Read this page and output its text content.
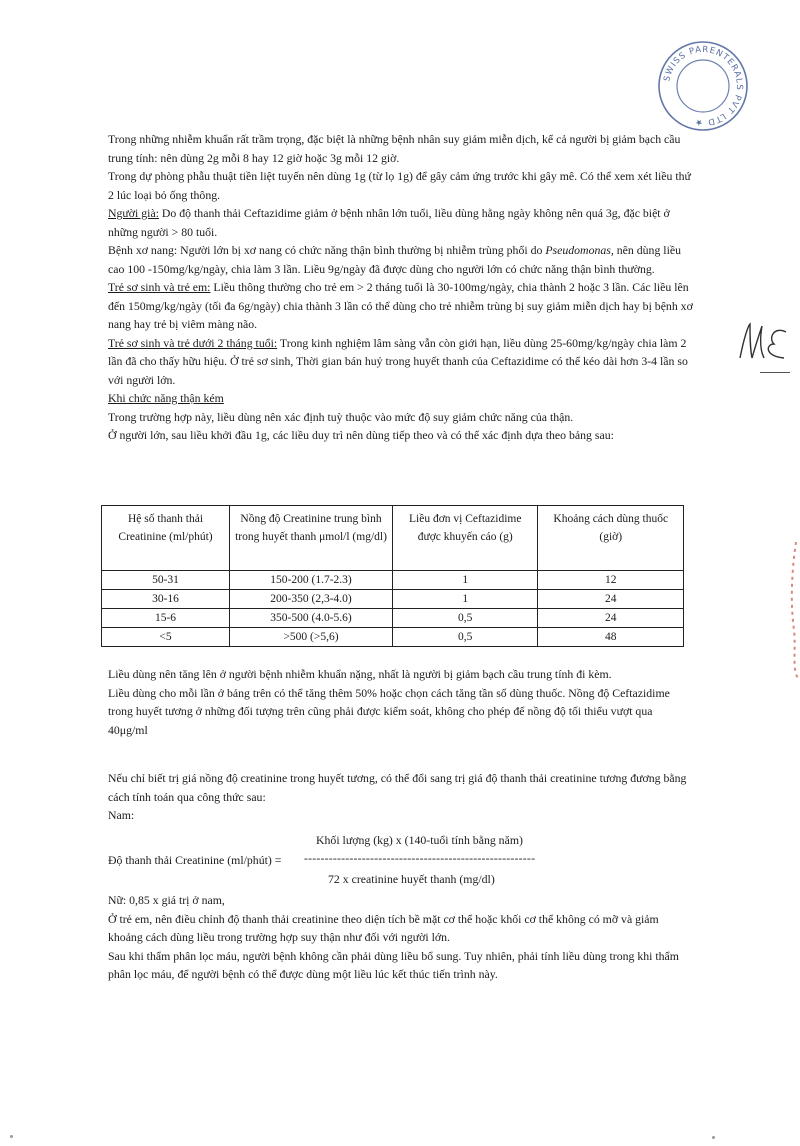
SWISS PARENTERALS PVT LTD ★

Trong những nhiễm khuẩn rất trầm trọng, đặc biệt là những bệnh nhân suy giảm miễn dịch, kể cả người bị giảm bạch cầu trung tính: nên dùng 2g mỗi 8 hay 12 giờ hoặc 3g mỗi 12 giờ.

Trong dự phòng phẫu thuật tiền liệt tuyến nên dùng 1g (từ lọ 1g) để gây cảm ứng trước khi gây mê. Có thể xem xét liều thứ 2 lúc loại bỏ ống thông.

Người già: Do độ thanh thải Ceftazidime giảm ở bệnh nhân lớn tuổi, liều dùng hằng ngày không nên quá 3g, đặc biệt ở những người > 80 tuổi.

Bệnh xơ nang: Người lớn bị xơ nang có chức năng thận bình thường bị nhiễm trùng phổi do Pseudomonas, nên dùng liều cao 100 -150mg/kg/ngày, chia làm 3 lần. Liều 9g/ngày đã được dùng cho người lớn có chức năng thận bình thường.

Trẻ sơ sinh và trẻ em: Liều thông thường cho trẻ em > 2 tháng tuổi là 30-100mg/ngày, chia thành 2 hoặc 3 lần. Các liều lên đến 150mg/kg/ngày (tối đa 6g/ngày) chia thành 3 lần có thể dùng cho trẻ nhiễm trùng bị suy giảm miễn dịch hay bị bệnh xơ nang hay trẻ bị viêm màng não.

Trẻ sơ sinh và trẻ dưới 2 tháng tuổi: Trong kinh nghiệm lâm sàng vẫn còn giới hạn, liều dùng 25-60mg/kg/ngày chia làm 2 lần đã cho thấy hữu hiệu. Ở trẻ sơ sinh, Thời gian bán huỷ trong huyết thanh của Ceftazidime có thể kéo dài hơn 3-4 lần so với người lớn.

Khi chức năng thận kém

Trong trường hợp này, liều dùng nên xác định tuỳ thuộc vào mức độ suy giảm chức năng của thận.

Ở người lớn, sau liều khởi đầu 1g, các liều duy trì nên dùng tiếp theo và có thể xác định dựa theo bảng sau:

Hệ số thanh thải Creatinine (ml/phút)	Nồng độ Creatinine trung bình trong huyết thanh μmol/l (mg/dl)	Liều đơn vị Ceftazidime được khuyến cáo (g)	Khoảng cách dùng thuốc (giờ)
50-31	150-200 (1.7-2.3)	1	12
30-16	200-350 (2,3-4.0)	1	24
15-6	350-500 (4.0-5.6)	0,5	24
<5	>500 (>5,6)	0,5	48

Liều dùng nên tăng lên ở người bệnh nhiễm khuẩn nặng, nhất là người bị giảm bạch cầu trung tính đi kèm.

Liều dùng cho mỗi lần ở bảng trên có thể tăng thêm 50% hoặc chọn cách tăng tần số dùng thuốc. Nồng độ Ceftazidime trong huyết tương ở những đối tượng trên cũng phải được kiểm soát, không cho phép để nồng độ tối thiểu vượt qua 40μg/ml

Nếu chỉ biết trị giá nồng độ creatinine trong huyết tương, có thể đổi sang trị giá độ thanh thải creatinine tương đương bằng cách tính toán qua công thức sau:

Nam:

Khối lượng (kg) x (140-tuổi tính bằng năm)
Độ thanh thải Creatinine (ml/phút) = --------------------------------------------------------
72 x creatinine huyết thanh (mg/dl)

Nữ: 0,85 x giá trị ở nam,

Ở trẻ em, nên điều chỉnh độ thanh thải creatinine theo diện tích bề mặt cơ thể hoặc khối cơ thể không có mỡ và giảm khoảng cách dùng liều trong trường hợp suy thận như đối với người lớn.

Sau khi thẩm phân lọc máu, người bệnh không cần phải dùng liều bổ sung. Tuy nhiên, phải tính liều dùng trong khi thẩm phân lọc máu, để người bệnh có thể được dùng một liều lúc kết thúc tiến trình này.
